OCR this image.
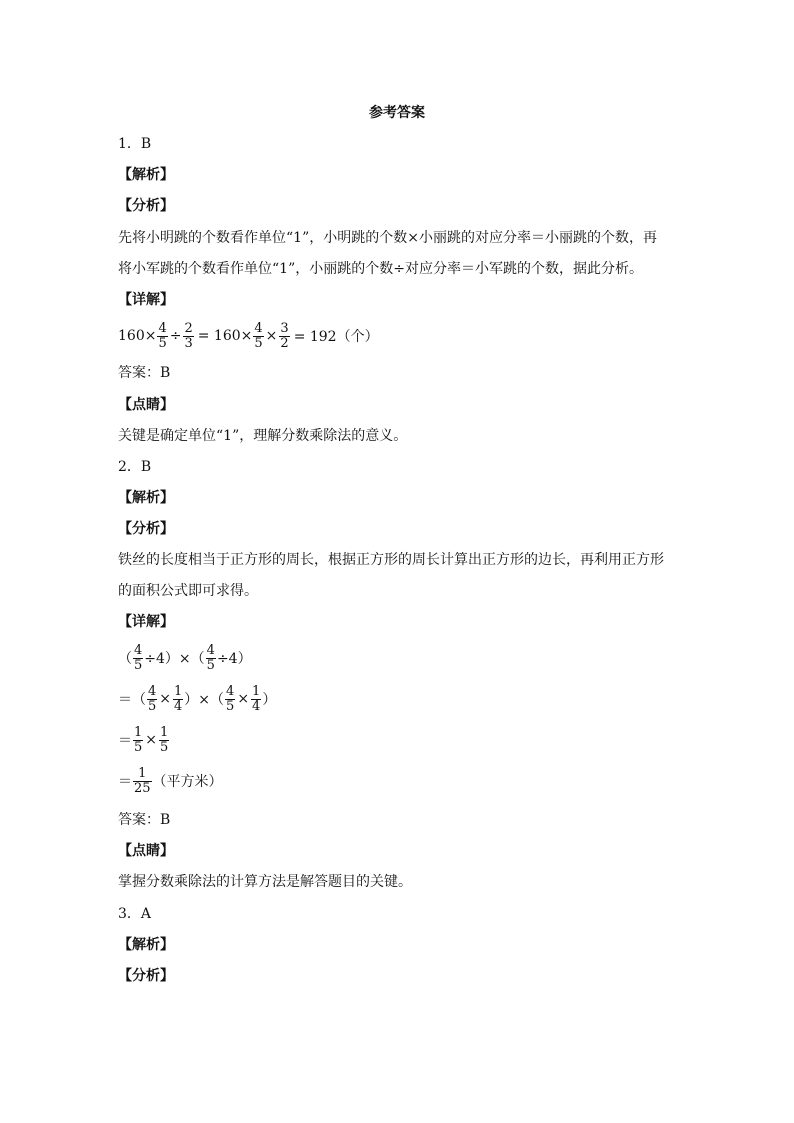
参考答案
1．B
【解析】
【分析】
先将小明跳的个数看作单位“1”，小明跳的个数×小丽跳的对应分率＝小丽跳的个数，再
将小军跳的个数看作单位“1”，小丽跳的个数÷对应分率＝小军跳的个数，据此分析。
【详解】
$160\times \frac{4}{5} \div \frac{2}{3} = 160\times \frac{4}{5} \times \frac{3}{2} = 192$（个）
答案：B
【点睛】
关键是确定单位“1”，理解分数乘除法的意义。
2．B
【解析】
【分析】
铁丝的长度相当于正方形的周长，根据正方形的周长计算出正方形的边长，再利用正方形
的面积公式即可求得。
【详解】
（ $\frac{4}{5} \div 4)\times( \frac{4}{5} \div 4)$
＝（ $\frac{4}{5} \times \frac{1}{4}$ ）×（ $\frac{4}{5} \times \frac{1}{4}$ ）
＝ $\frac{1}{5} \times \frac{1}{5}$
＝ $\frac{1}{25}$ （平方米）
答案：B
【点睛】
掌握分数乘除法的计算方法是解答题目的关键。
3．A
【解析】
【分析】
